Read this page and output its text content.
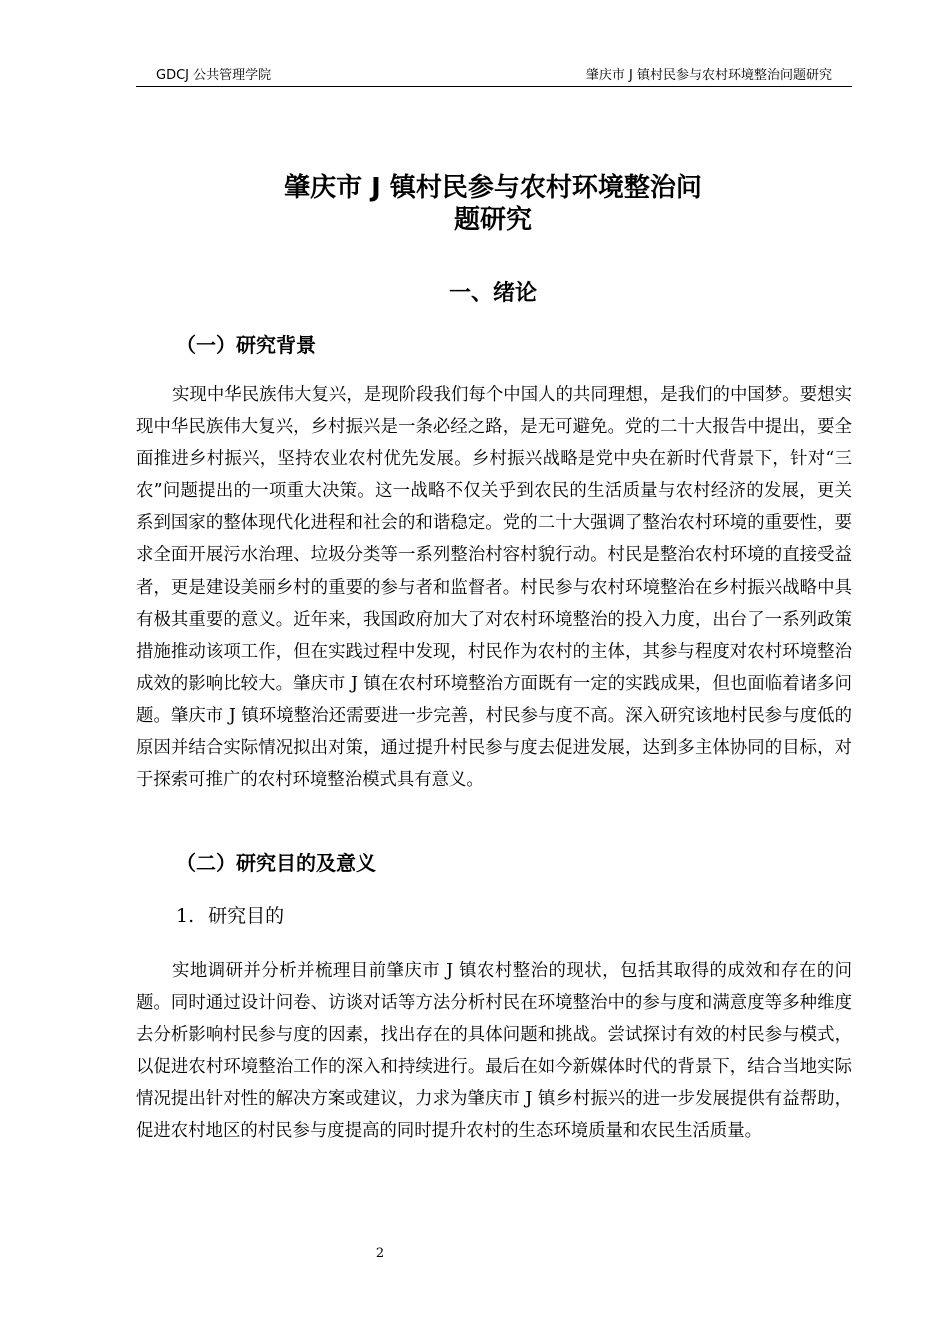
GDCJ 公共管理学院	肇庆市 J 镇村民参与农村环境整治问题研究
肇庆市 J 镇村民参与农村环境整治问
题研究
一、绪论
（一）研究背景

实现中华民族伟大复兴，是现阶段我们每个中国人的共同理想，是我们的中国梦。要想实现中华民族伟大复兴，乡村振兴是一条必经之路，是无可避免。党的二十大报告中提出，要全面推进乡村振兴，坚持农业农村优先发展。乡村振兴战略是党中央在新时代背景下，针对“三农”问题提出的一项重大决策。这一战略不仅关乎到农民的生活质量与农村经济的发展，更关系到国家的整体现代化进程和社会的和谐稳定。党的二十大强调了整治农村环境的重要性，要求全面开展污水治理、垃圾分类等一系列整治村容村貌行动。村民是整治农村环境的直接受益者，更是建设美丽乡村的重要的参与者和监督者。村民参与农村环境整治在乡村振兴战略中具有极其重要的意义。近年来，我国政府加大了对农村环境整治的投入力度，出台了一系列政策措施推动该项工作，但在实践过程中发现，村民作为农村的主体，其参与程度对农村环境整治成效的影响比较大。肇庆市 J 镇在农村环境整治方面既有一定的实践成果，但也面临着诸多问题。肇庆市 J 镇环境整治还需要进一步完善，村民参与度不高。深入研究该地村民参与度低的原因并结合实际情况拟出对策，通过提升村民参与度去促进发展，达到多主体协同的目标，对于探索可推广的农村环境整治模式具有意义。

（二）研究目的及意义
1. 研究目的

实地调研并分析并梳理目前肇庆市 J 镇农村整治的现状，包括其取得的成效和存在的问题。同时通过设计问卷、访谈对话等方法分析村民在环境整治中的参与度和满意度等多种维度去分析影响村民参与度的因素，找出存在的具体问题和挑战。尝试探讨有效的村民参与模式，以促进农村环境整治工作的深入和持续进行。最后在如今新媒体时代的背景下，结合当地实际情况提出针对性的解决方案或建议，力求为肇庆市 J 镇乡村振兴的进一步发展提供有益帮助，促进农村地区的村民参与度提高的同时提升农村的生态环境质量和农民生活质量。

2
